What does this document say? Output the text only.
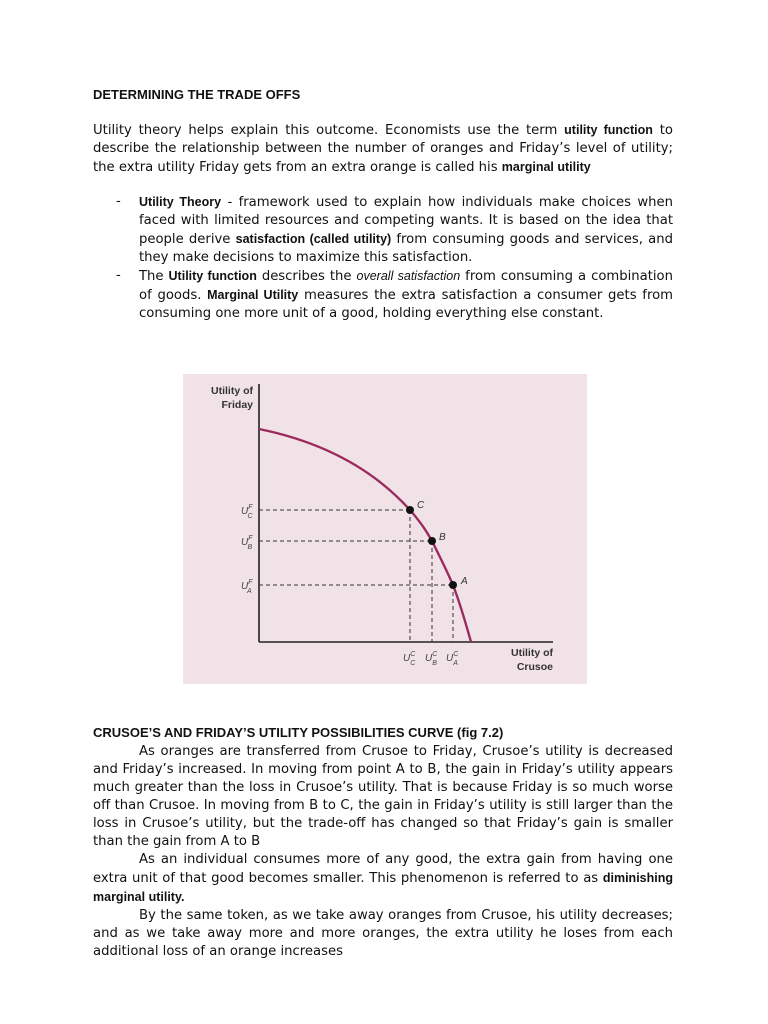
DETERMINING THE TRADE OFFS
Utility theory helps explain this outcome. Economists use the term utility function to describe the relationship between the number of oranges and Friday’s level of utility; the extra utility Friday gets from an extra orange is called his marginal utility
- Utility Theory - framework used to explain how individuals make choices when faced with limited resources and competing wants. It is based on the idea that people derive satisfaction (called utility) from consuming goods and services, and they make decisions to maximize this satisfaction.
- The Utility function describes the overall satisfaction from consuming a combination of goods. Marginal Utility measures the extra satisfaction a consumer gets from consuming one more unit of a good, holding everything else constant.
Utility of
Friday
Utility of
Crusoe
C
B
A
$U^F$ C
$U^F$ B
$U^F$ A
$U^C$ C $U^C$ B $U^C$ A
CRUSOE’S AND FRIDAY’S UTILITY POSSIBILITIES CURVE (fig 7.2)

As oranges are transferred from Crusoe to Friday, Crusoe’s utility is decreased and Friday’s increased. In moving from point A to B, the gain in Friday’s utility appears much greater than the loss in Crusoe’s utility. That is because Friday is so much worse off than Crusoe. In moving from B to C, the gain in Friday’s utility is still larger than the loss in Crusoe’s utility, but the trade-off has changed so that Friday’s gain is smaller than the gain from A to B

As an individual consumes more of any good, the extra gain from having one extra unit of that good becomes smaller. This phenomenon is referred to as diminishing marginal utility.

By the same token, as we take away oranges from Crusoe, his utility decreases; and as we take away more and more oranges, the extra utility he loses from each additional loss of an orange increases
